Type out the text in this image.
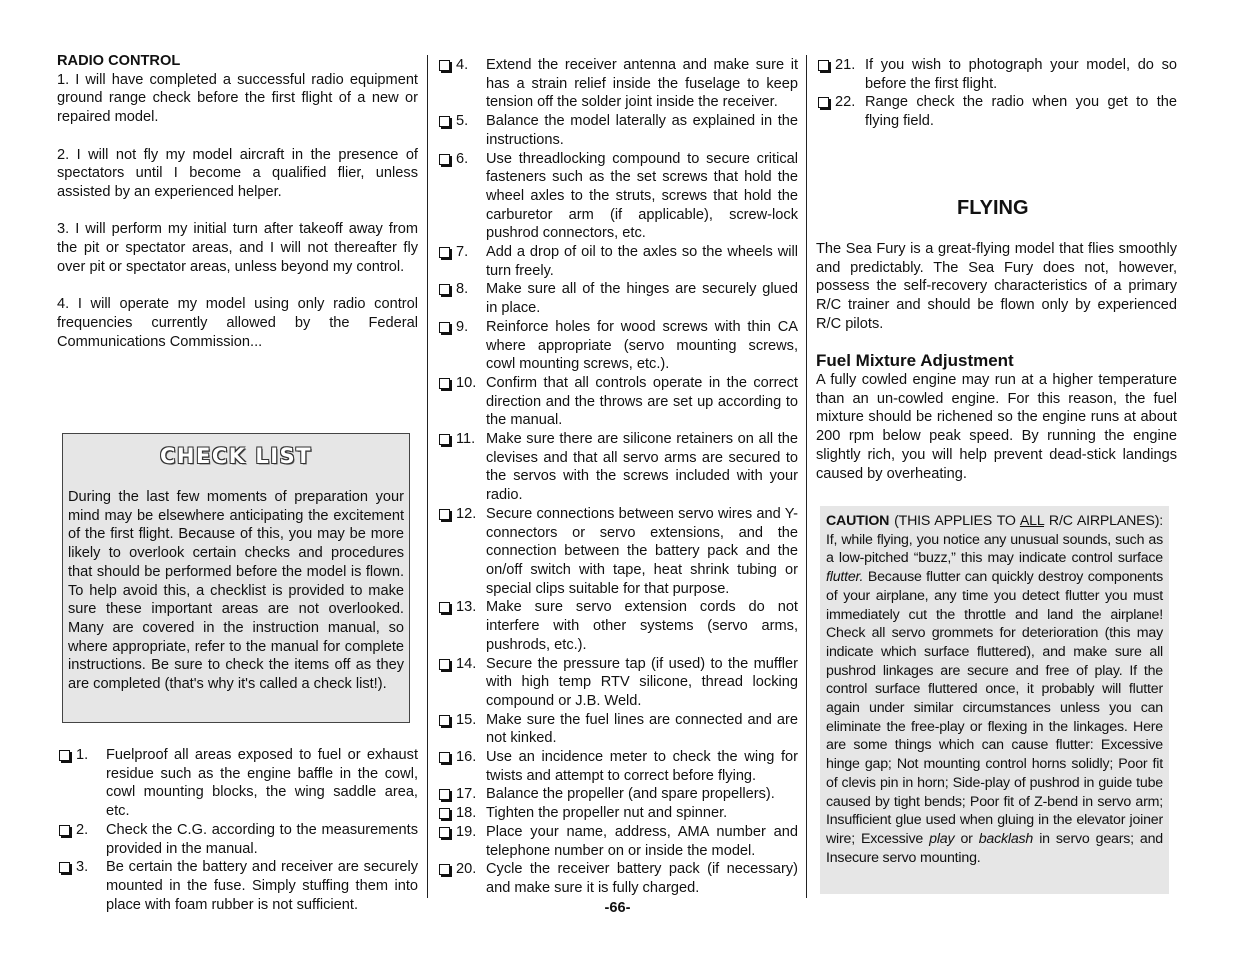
RADIO CONTROL

1. I will have completed a successful radio equipment ground range check before the first flight of a new or repaired model.

2. I will not fly my model aircraft in the presence of spectators until I become a qualified flier, unless assisted by an experienced helper.

3. I will perform my initial turn after takeoff away from the pit or spectator areas, and I will not thereafter fly over pit or spectator areas, unless beyond my control.

4. I will operate my model using only radio control frequencies currently allowed by the Federal Communications Commission...

CHECK LIST

During the last few moments of preparation your mind may be elsewhere anticipating the excitement of the first flight. Because of this, you may be more likely to overlook certain checks and procedures that should be performed before the model is flown. To help avoid this, a checklist is provided to make sure these important areas are not overlooked. Many are covered in the instruction manual, so where appropriate, refer to the manual for complete instructions. Be sure to check the items off as they are completed (that's why it's called a check list!).

1. Fuelproof all areas exposed to fuel or exhaust residue such as the engine baffle in the cowl, cowl mounting blocks, the wing saddle area, etc.
2. Check the C.G. according to the measurements provided in the manual.
3. Be certain the battery and receiver are securely mounted in the fuse. Simply stuffing them into place with foam rubber is not sufficient.
4. Extend the receiver antenna and make sure it has a strain relief inside the fuselage to keep tension off the solder joint inside the receiver.
5. Balance the model laterally as explained in the instructions.
6. Use threadlocking compound to secure critical fasteners such as the set screws that hold the wheel axles to the struts, screws that hold the carburetor arm (if applicable), screw-lock pushrod connectors, etc.
7. Add a drop of oil to the axles so the wheels will turn freely.
8. Make sure all of the hinges are securely glued in place.
9. Reinforce holes for wood screws with thin CA where appropriate (servo mounting screws, cowl mounting screws, etc.).
10. Confirm that all controls operate in the correct direction and the throws are set up according to the manual.
11. Make sure there are silicone retainers on all the clevises and that all servo arms are secured to the servos with the screws included with your radio.
12. Secure connections between servo wires and Y-connectors or servo extensions, and the connection between the battery pack and the on/off switch with tape, heat shrink tubing or special clips suitable for that purpose.
13. Make sure servo extension cords do not interfere with other systems (servo arms, pushrods, etc.).
14. Secure the pressure tap (if used) to the muffler with high temp RTV silicone, thread locking compound or J.B. Weld.
15. Make sure the fuel lines are connected and are not kinked.
16. Use an incidence meter to check the wing for twists and attempt to correct before flying.
17. Balance the propeller (and spare propellers).
18. Tighten the propeller nut and spinner.
19. Place your name, address, AMA number and telephone number on or inside the model.
20. Cycle the receiver battery pack (if necessary) and make sure it is fully charged.
21. If you wish to photograph your model, do so before the first flight.
22. Range check the radio when you get to the flying field.

FLYING

The Sea Fury is a great-flying model that flies smoothly and predictably. The Sea Fury does not, however, possess the self-recovery characteristics of a primary R/C trainer and should be flown only by experienced R/C pilots.

Fuel Mixture Adjustment

A fully cowled engine may run at a higher temperature than an un-cowled engine. For this reason, the fuel mixture should be richened so the engine runs at about 200 rpm below peak speed. By running the engine slightly rich, you will help prevent dead-stick landings caused by overheating.

CAUTION (THIS APPLIES TO ALL R/C AIRPLANES): If, while flying, you notice any unusual sounds, such as a low-pitched “buzz,” this may indicate control surface flutter. Because flutter can quickly destroy components of your airplane, any time you detect flutter you must immediately cut the throttle and land the airplane! Check all servo grommets for deterioration (this may indicate which surface fluttered), and make sure all pushrod linkages are secure and free of play. If the control surface fluttered once, it probably will flutter again under similar circumstances unless you can eliminate the free-play or flexing in the linkages. Here are some things which can cause flutter: Excessive hinge gap; Not mounting control horns solidly; Poor fit of clevis pin in horn; Side-play of pushrod in guide tube caused by tight bends; Poor fit of Z-bend in servo arm; Insufficient glue used when gluing in the elevator joiner wire; Excessive play or backlash in servo gears; and Insecure servo mounting.
-66-
